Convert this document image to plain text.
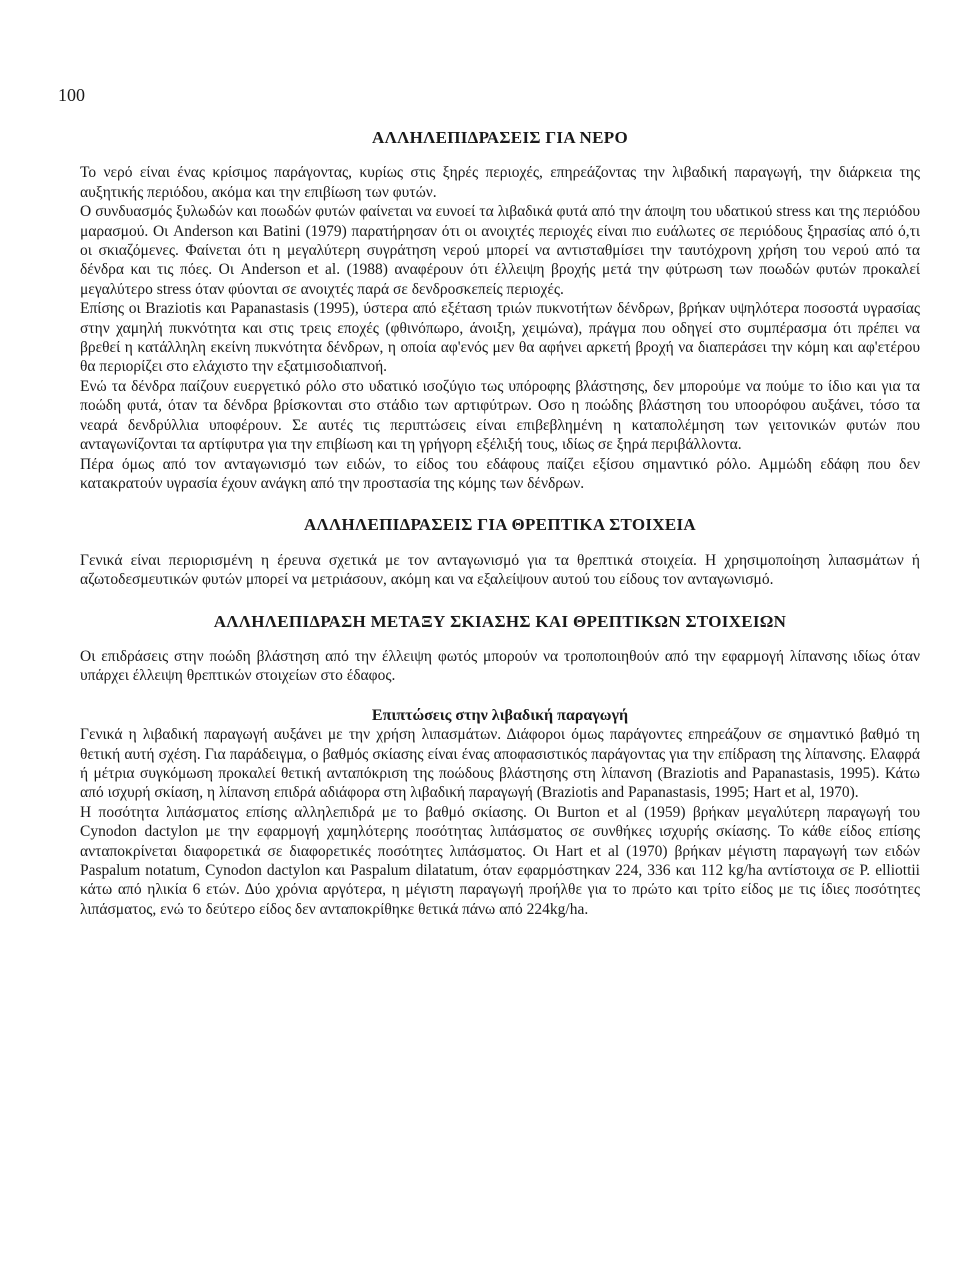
100
ΑΛΛΗΛΕΠΙΔΡΑΣΕΙΣ ΓΙΑ ΝΕΡΟ

Το νερό είναι ένας κρίσιμος παράγοντας, κυρίως στις ξηρές περιοχές, επηρεάζοντας την λιβαδική παραγωγή, την διάρκεια της αυξητικής περιόδου, ακόμα και την επιβίωση των φυτών.

Ο συνδυασμός ξυλωδών και ποωδών φυτών φαίνεται να ευνοεί τα λιβαδικά φυτά από την άποψη του υδατικού stress και της περιόδου μαρασμού. Οι Anderson και Batini (1979) παρατήρησαν ότι οι ανοιχτές περιοχές είναι πιο ευάλωτες σε περιόδους ξηρασίας από ό,τι οι σκιαζόμενες. Φαίνεται ότι η μεγαλύτερη συγράτηση νερού μπορεί να αντισταθμίσει την ταυτόχρονη χρήση του νερού από τα δένδρα και τις πόες. Οι Anderson et al. (1988) αναφέρουν ότι έλλειψη βροχής μετά την φύτρωση των ποωδών φυτών προκαλεί μεγαλύτερο stress όταν φύονται σε ανοιχτές παρά σε δενδροσκεπείς περιοχές.

Επίσης οι Braziotis και Papanastasis (1995), ύστερα από εξέταση τριών πυκνοτήτων δένδρων, βρήκαν υψηλότερα ποσοστά υγρασίας στην χαμηλή πυκνότητα και στις τρεις εποχές (φθινόπωρο, άνοιξη, χειμώνα), πράγμα που οδηγεί στο συμπέρασμα ότι πρέπει να βρεθεί η κατάλληλη εκείνη πυκνότητα δένδρων, η οποία αφ'ενός μεν θα αφήνει αρκετή βροχή να διαπεράσει την κόμη και αφ'ετέρου θα περιορίζει στο ελάχιστο την εξατμισοδιαπνοή.

Ενώ τα δένδρα παίζουν ευεργετικό ρόλο στο υδατικό ισοζύγιο τως υπόροφης βλάστησης, δεν μπορούμε να πούμε το ίδιο και για τα ποώδη φυτά, όταν τα δένδρα βρίσκονται στο στάδιο των αρτιφύτρων. Οσο η ποώδης βλάστηση του υποορόφου αυξάνει, τόσο τα νεαρά δενδρύλλια υποφέρουν. Σε αυτές τις περιπτώσεις είναι επιβεβλημένη η καταπολέμηση των γειτονικών φυτών που ανταγωνίζονται τα αρτίφυτρα για την επιβίωση και τη γρήγορη εξέλιξή τους, ιδίως σε ξηρά περιβάλλοντα.

Πέρα όμως από τον ανταγωνισμό των ειδών, το είδος του εδάφους παίζει εξίσου σημαντικό ρόλο. Αμμώδη εδάφη που δεν κατακρατούν υγρασία έχουν ανάγκη από την προστασία της κόμης των δένδρων.

ΑΛΛΗΛΕΠΙΔΡΑΣΕΙΣ ΓΙΑ ΘΡΕΠΤΙΚΑ ΣΤΟΙΧΕΙΑ

Γενικά είναι περιορισμένη η έρευνα σχετικά με τον ανταγωνισμό για τα θρεπτικά στοιχεία. Η χρησιμοποίηση λιπασμάτων ή αζωτοδεσμευτικών φυτών μπορεί να μετριάσουν, ακόμη και να εξαλείψουν αυτού του είδους τον ανταγωνισμό.

ΑΛΛΗΛΕΠΙΔΡΑΣΗ ΜΕΤΑΞΥ ΣΚΙΑΣΗΣ ΚΑΙ ΘΡΕΠΤΙΚΩΝ ΣΤΟΙΧΕΙΩΝ

Οι επιδράσεις στην ποώδη βλάστηση από την έλλειψη φωτός μπορούν να τροποποιηθούν από την εφαρμογή λίπανσης ιδίως όταν υπάρχει έλλειψη θρεπτικών στοιχείων στο έδαφος.

Επιπτώσεις στην λιβαδική παραγωγή

Γενικά η λιβαδική παραγωγή αυξάνει με την χρήση λιπασμάτων. Διάφοροι όμως παράγοντες επηρεάζουν σε σημαντικό βαθμό τη θετική αυτή σχέση. Για παράδειγμα, ο βαθμός σκίασης είναι ένας αποφασιστικός παράγοντας για την επίδραση της λίπανσης. Ελαφρά ή μέτρια συγκόμωση προκαλεί θετική ανταπόκριση της ποώδους βλάστησης στη λίπανση (Braziotis and Papanastasis, 1995). Κάτω από ισχυρή σκίαση, η λίπανση επιδρά αδιάφορα στη λιβαδική παραγωγή (Braziotis and Papanastasis, 1995; Hart et al, 1970).

Η ποσότητα λιπάσματος επίσης αλληλεπιδρά με το βαθμό σκίασης. Οι Burton et al (1959) βρήκαν μεγαλύτερη παραγωγή του Cynodon dactylon με την εφαρμογή χαμηλότερης ποσότητας λιπάσματος σε συνθήκες ισχυρής σκίασης. Το κάθε είδος επίσης ανταποκρίνεται διαφορετικά σε διαφορετικές ποσότητες λιπάσματος. Οι Hart et al (1970) βρήκαν μέγιστη παραγωγή των ειδών Paspalum notatum, Cynodon dactylon και Paspalum dilatatum, όταν εφαρμόστηκαν 224, 336 και 112 kg/ha αντίστοιχα σε P. elliottii κάτω από ηλικία 6 ετών. Δύο χρόνια αργότερα, η μέγιστη παραγωγή προήλθε για το πρώτο και τρίτο είδος με τις ίδιες ποσότητες λιπάσματος, ενώ το δεύτερο είδος δεν ανταποκρίθηκε θετικά πάνω από 224kg/ha.
